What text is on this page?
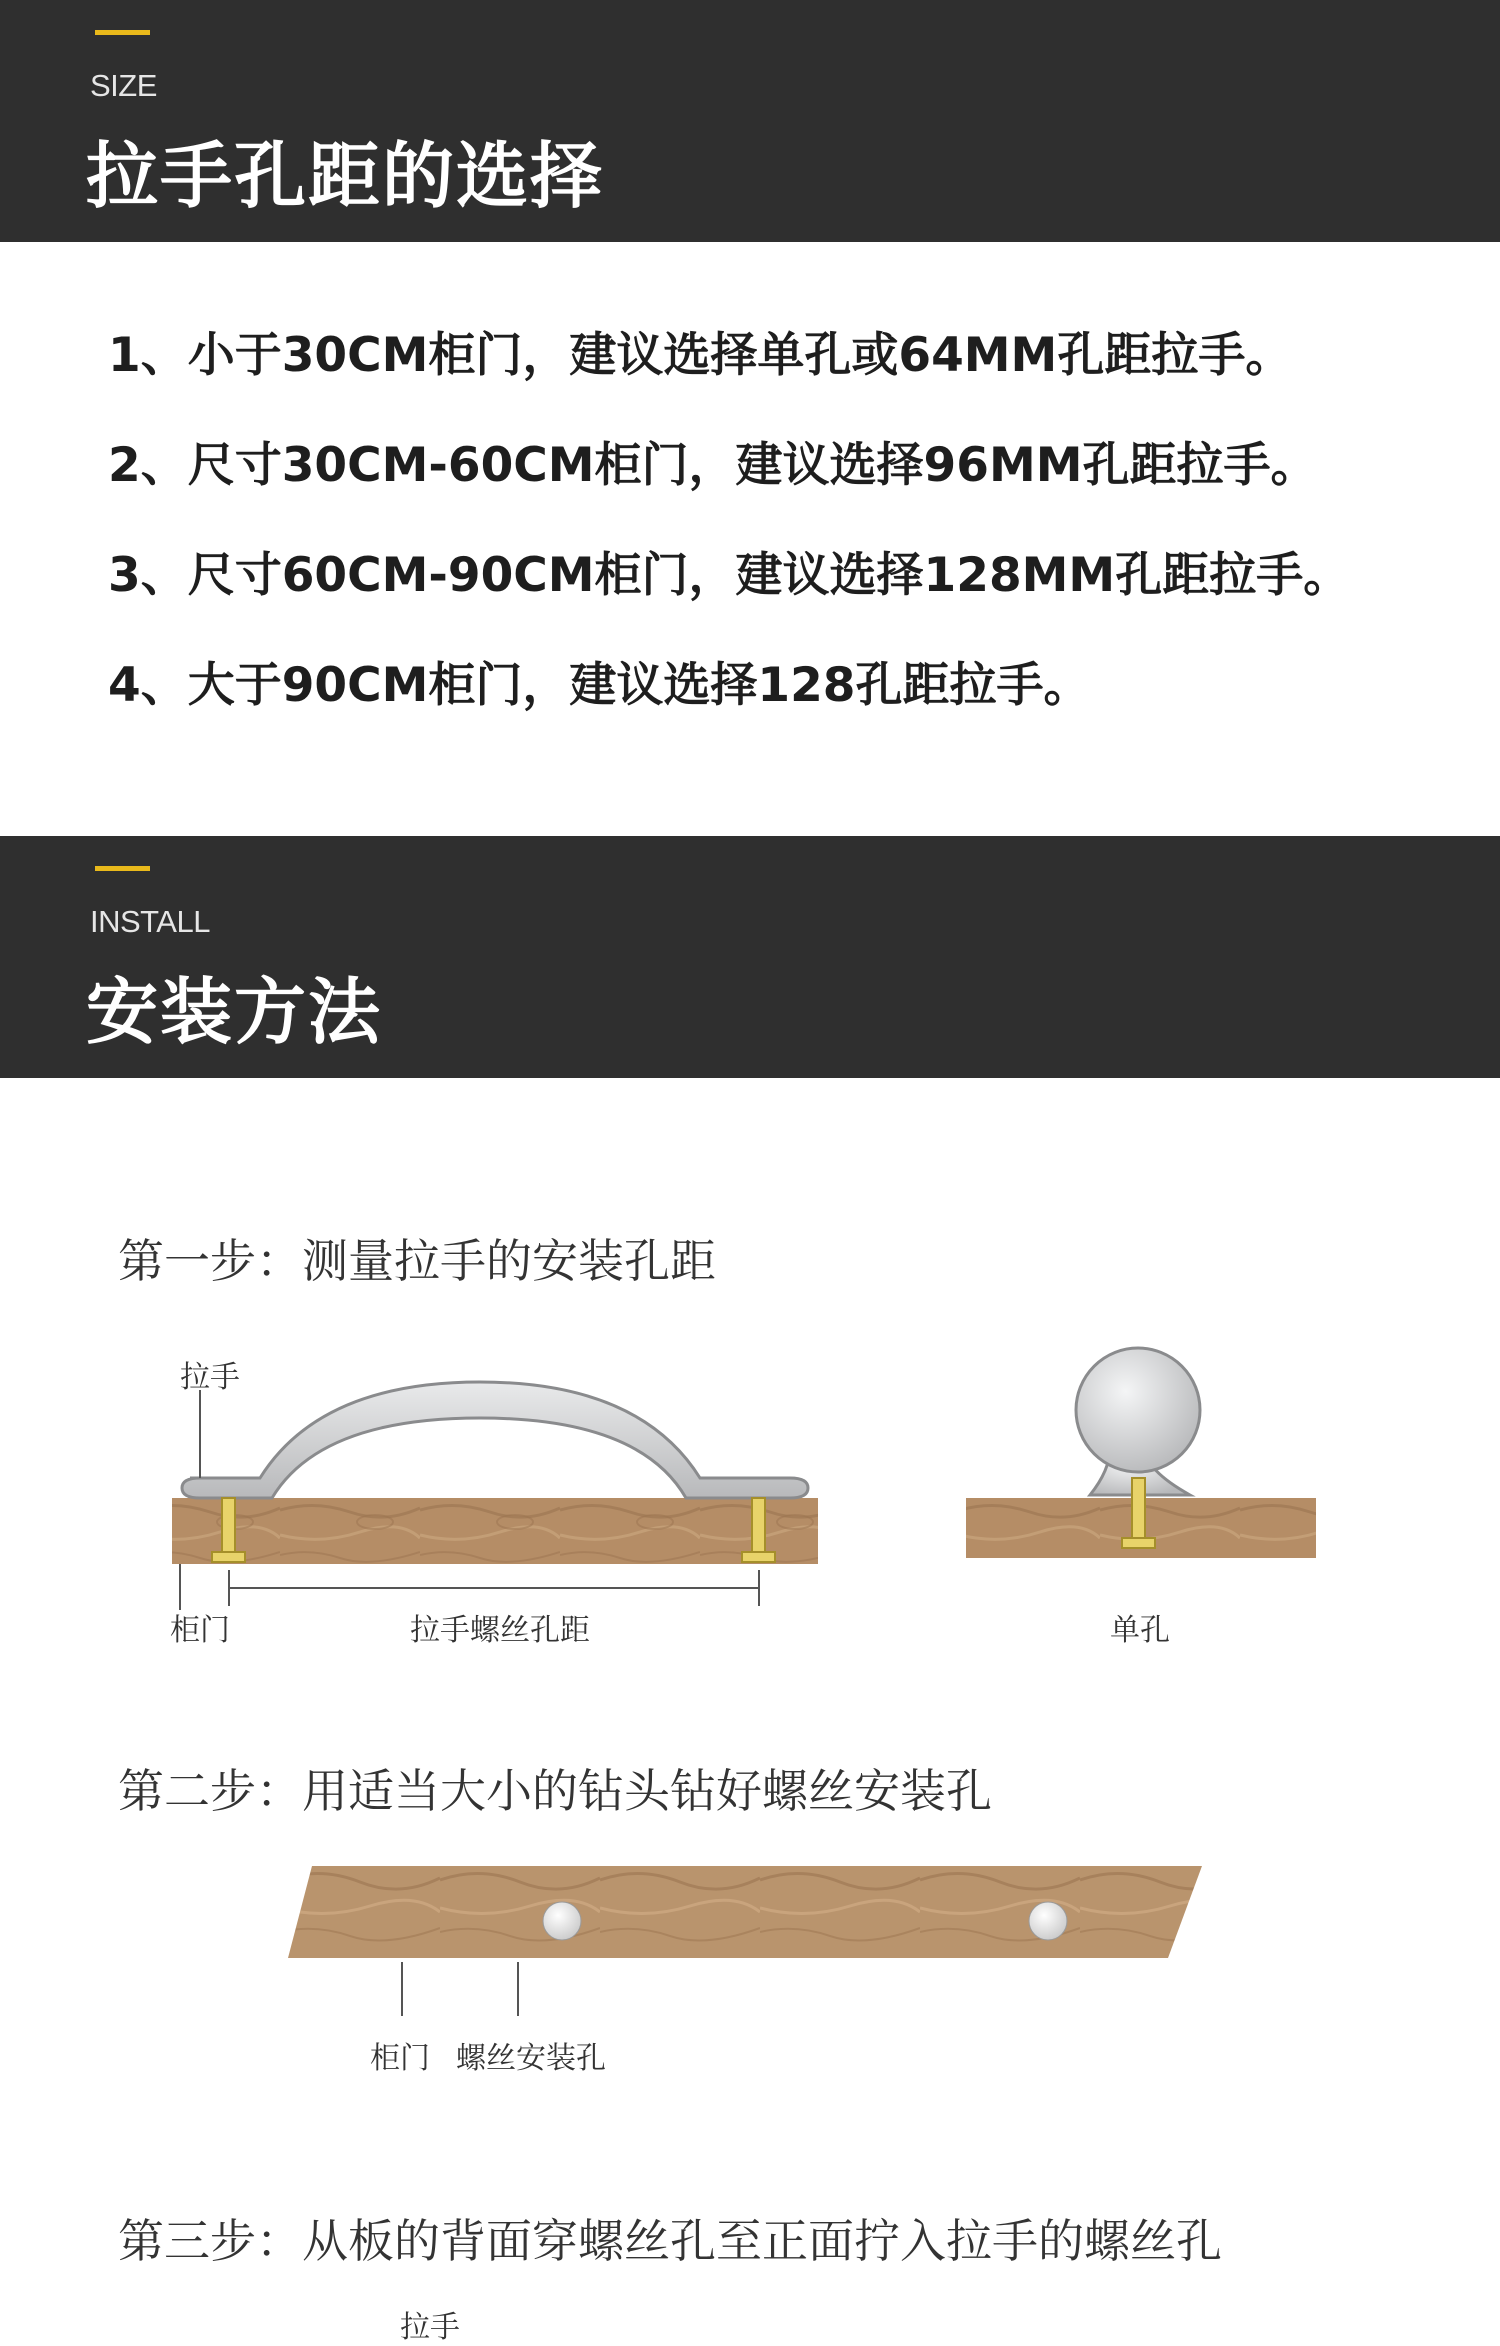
SIZE
拉手孔距的选择
1、小于30CM柜门，建议选择单孔或64MM孔距拉手。
2、尺寸30CM-60CM柜门，建议选择96MM孔距拉手。
3、尺寸60CM-90CM柜门，建议选择128MM孔距拉手。
4、大于90CM柜门，建议选择128孔距拉手。
INSTALL
安装方法
第一步：测量拉手的安装孔距
拉手
柜门	拉手螺丝孔距	单孔
第二步：用适当大小的钻头钻好螺丝安装孔
柜门 螺丝安装孔
第三步：从板的背面穿螺丝孔至正面拧入拉手的螺丝孔
拉手
